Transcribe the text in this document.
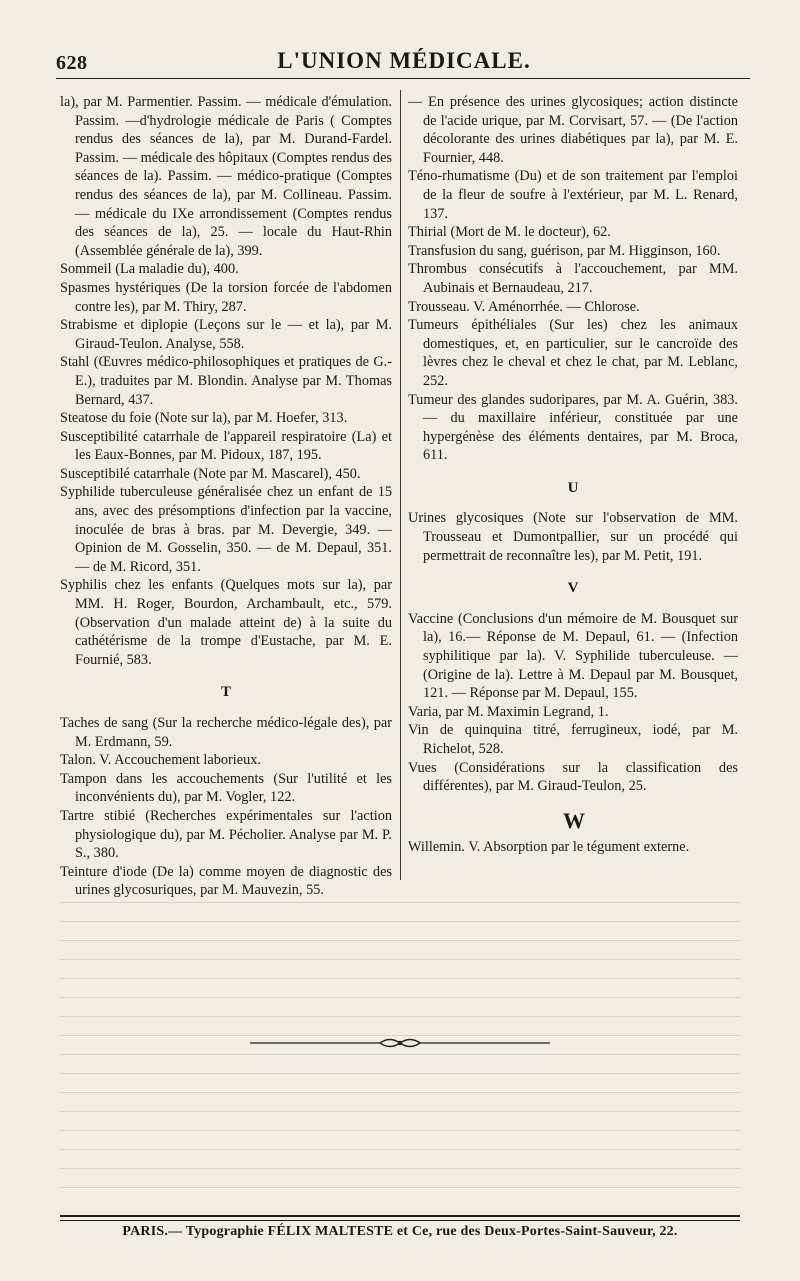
628	L'UNION MÉDICALE.

la), par M. Parmentier. Passim. — médicale d'émulation. Passim. —d'hydrologie médicale de Paris ( Comptes rendus des séances de la), par M. Durand-Fardel. Passim. — médicale des hôpitaux (Comptes rendus des séances de la). Passim. — médico-pratique (Comptes rendus des séances de la), par M. Collineau. Passim. — médicale du IXe arrondissement (Comptes rendus des séances de la), 25. — locale du Haut-Rhin (Assemblée générale de la), 399.

Sommeil (La maladie du), 400.

Spasmes hystériques (De la torsion forcée de l'abdomen contre les), par M. Thiry, 287.

Strabisme et diplopie (Leçons sur le — et la), par M. Giraud-Teulon. Analyse, 558.

Stahl (Œuvres médico-philosophiques et pratiques de G.-E.), traduites par M. Blondin. Analyse par M. Thomas Bernard, 437.

Steatose du foie (Note sur la), par M. Hoefer, 313.

Susceptibilité catarrhale de l'appareil respiratoire (La) et les Eaux-Bonnes, par M. Pidoux, 187, 195.

Susceptibilé catarrhale (Note par M. Mascarel), 450.

Syphilide tuberculeuse généralisée chez un enfant de 15 ans, avec des présomptions d'infection par la vaccine, inoculée de bras à bras. par M. Devergie, 349. — Opinion de M. Gosselin, 350. — de M. Depaul, 351. — de M. Ricord, 351.

Syphilis chez les enfants (Quelques mots sur la), par MM. H. Roger, Bourdon, Archambault, etc., 579. (Observation d'un malade atteint de) à la suite du cathétérisme de la trompe d'Eustache, par M. E. Fournié, 583.

T

Taches de sang (Sur la recherche médico-légale des), par M. Erdmann, 59.

Talon. V. Accouchement laborieux.

Tampon dans les accouchements (Sur l'utilité et les inconvénients du), par M. Vogler, 122.

Tartre stibié (Recherches expérimentales sur l'action physiologique du), par M. Pécholier. Analyse par M. P. S., 380.

Teinture d'iode (De la) comme moyen de diagnostic des urines glycosuriques, par M. Mauvezin, 55.

— En présence des urines glycosiques; action distincte de l'acide urique, par M. Corvisart, 57. — (De l'action décolorante des urines diabétiques par la), par M. E. Fournier, 448.

Téno-rhumatisme (Du) et de son traitement par l'emploi de la fleur de soufre à l'extérieur, par M. L. Renard, 137.

Thirial (Mort de M. le docteur), 62.

Transfusion du sang, guérison, par M. Higginson, 160.

Thrombus consécutifs à l'accouchement, par MM. Aubinais et Bernaudeau, 217.

Trousseau. V. Aménorrhée. — Chlorose.

Tumeurs épithéliales (Sur les) chez les animaux domestiques, et, en particulier, sur le cancroïde des lèvres chez le cheval et chez le chat, par M. Leblanc, 252.

Tumeur des glandes sudoripares, par M. A. Guérin, 383. — du maxillaire inférieur, constituée par une hypergénèse des éléments dentaires, par M. Broca, 611.

U

Urines glycosiques (Note sur l'observation de MM. Trousseau et Dumontpallier, sur un procédé qui permettrait de reconnaître les), par M. Petit, 191.

V

Vaccine (Conclusions d'un mémoire de M. Bousquet sur la), 16.— Réponse de M. Depaul, 61. — (Infection syphilitique par la). V. Syphilide tuberculeuse. — (Origine de la). Lettre à M. Depaul par M. Bousquet, 121. — Réponse par M. Depaul, 155.

Varia, par M. Maximin Legrand, 1.

Vin de quinquina titré, ferrugineux, iodé, par M. Richelot, 528.

Vues (Considérations sur la classification des différentes), par M. Giraud-Teulon, 25.

W

Willemin. V. Absorption par le tégument externe.

PARIS.— Typographie FÉLIX MALTESTE et Ce, rue des Deux-Portes-Saint-Sauveur, 22.
